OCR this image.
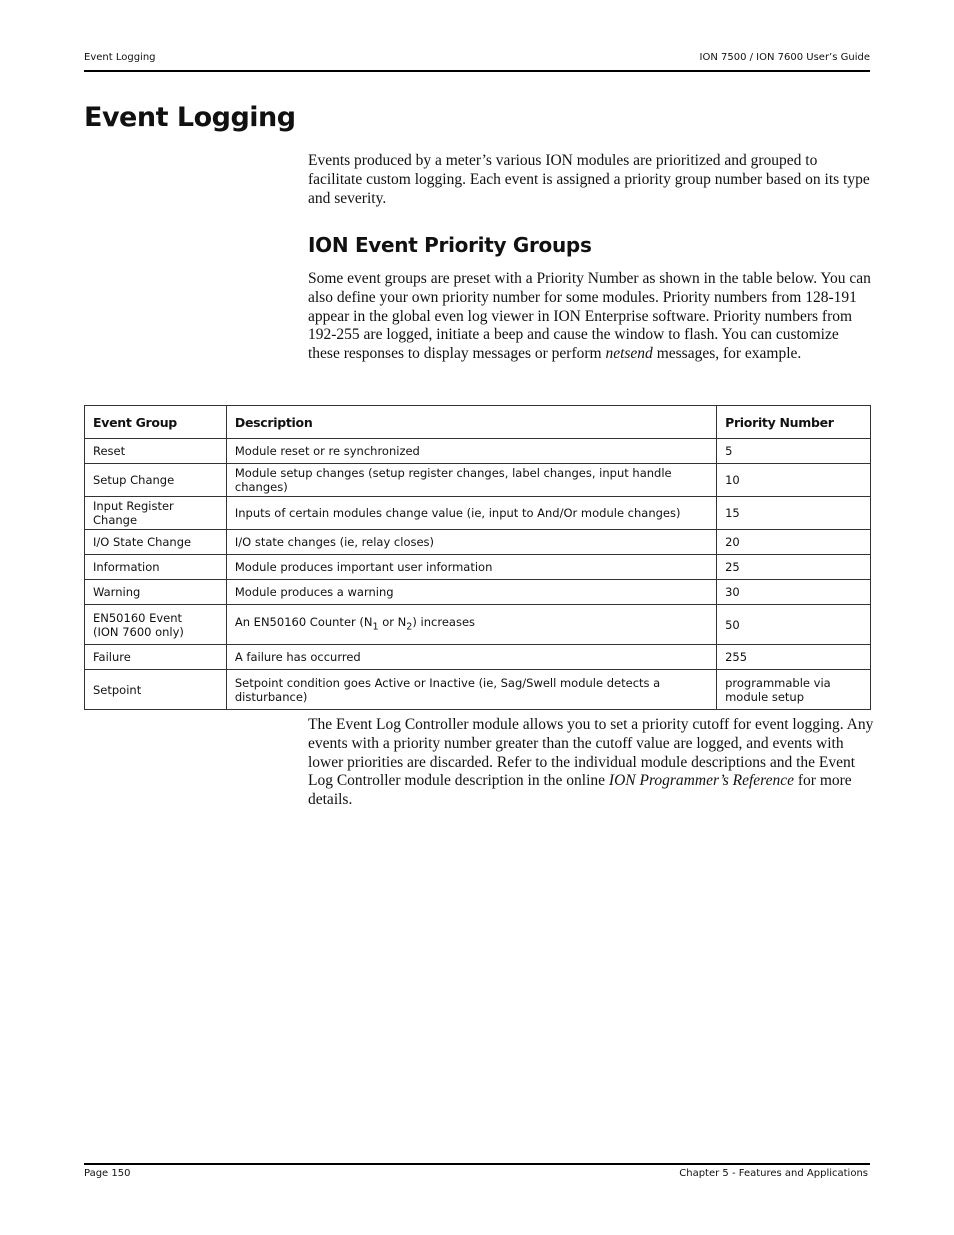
Event Logging	ION 7500 / ION 7600 User’s Guide
Event Logging

Events produced by a meter’s various ION modules are prioritized and grouped to facilitate custom logging. Each event is assigned a priority group number based on its type and severity.

ION Event Priority Groups

Some event groups are preset with a Priority Number as shown in the table below. You can also define your own priority number for some modules. Priority numbers from 128-191 appear in the global even log viewer in ION Enterprise software. Priority numbers from 192-255 are logged, initiate a beep and cause the window to flash. You can customize these responses to display messages or perform netsend messages, for example.

Event Group	Description	Priority Number
Reset	Module reset or re synchronized	5
Setup Change	Module setup changes (setup register changes, label changes, input handle changes)	10
Input Register Change	Inputs of certain modules change value (ie, input to And/Or module changes)	15
I/O State Change	I/O state changes (ie, relay closes)	20
Information	Module produces important user information	25
Warning	Module produces a warning	30
EN50160 Event
(ION 7600 only)	An EN50160 Counter ($N_1$ or $N_2$) increases	50
Failure	A failure has occurred	255
Setpoint	Setpoint condition goes Active or Inactive (ie, Sag/Swell module detects a disturbance)	programmable via
module setup

The Event Log Controller module allows you to set a priority cutoff for event logging. Any events with a priority number greater than the cutoff value are logged, and events with lower priorities are discarded. Refer to the individual module descriptions and the Event Log Controller module description in the online ION Programmer’s Reference for more details.

Page 150	Chapter 5 - Features and Applications
